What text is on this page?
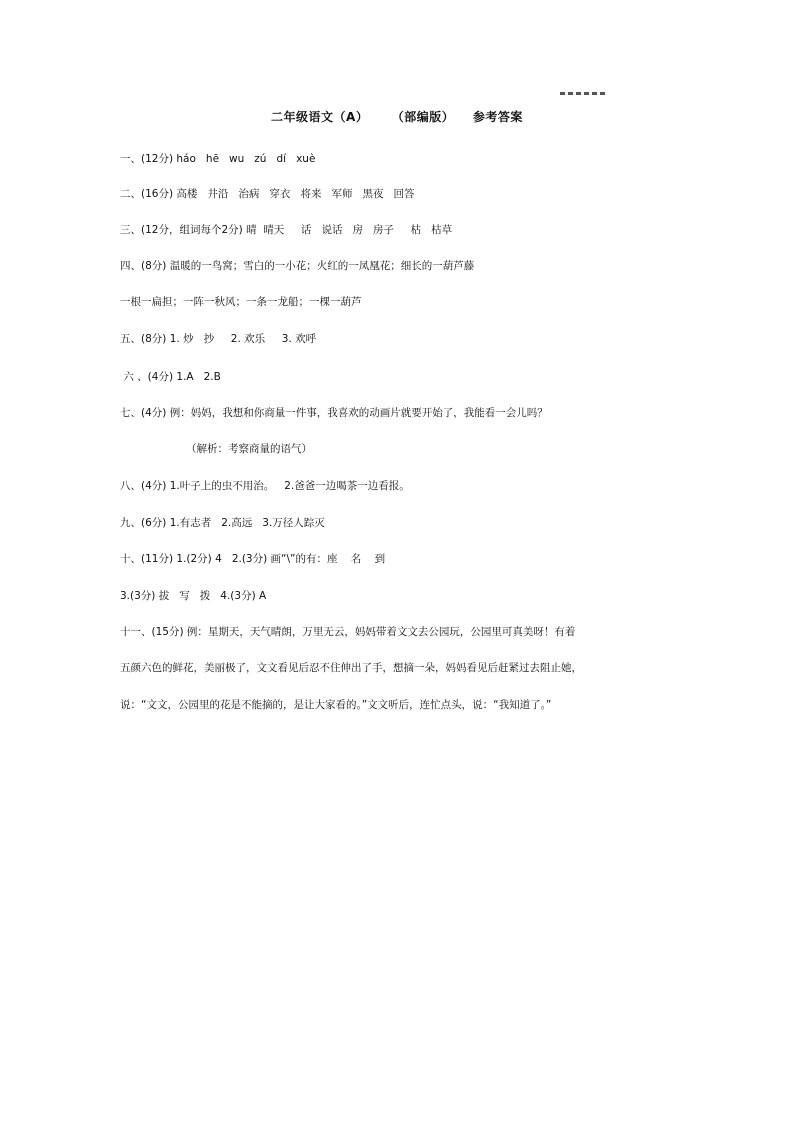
二年级语文（A）     （部编版）    参考答案
一、(12分) háo   hē   wu   zú   dí   xuè
二、(16分) 高楼   井沿   治病   穿衣   将来   军师   黑夜   回答
三、(12分，组词每个2分) 晴  晴天     话   说话   房   房子     枯   枯草
四、(8分) 温暖的一鸟窝；雪白的一小花；火红的一凤凰花；细长的一葫芦藤
一根一扁担；一阵一秋风；一条一龙船；一棵一葫芦
五、(8分) 1. 炒   抄     2. 欢乐     3. 欢呼
六 、(4分) 1.A   2.B
七、(4分) 例：妈妈，我想和你商量一件事，我喜欢的动画片就要开始了，我能看一会儿吗？
（解析：考察商量的语气）
八、(4分) 1.叶子上的虫不用治。   2.爸爸一边喝茶一边看报。
九、(6分) 1.有志者   2.高远   3.万径人踪灭
十、(11分) 1.(2分) 4   2.(3分) 画“\”的有：座    名    到
3.(3分) 拔   写   拨   4.(3分) A
十一、(15分) 例：星期天，天气晴朗，万里无云，妈妈带着文文去公园玩，公园里可真美呀！有着
五颜六色的鲜花，美丽极了，文文看见后忍不住伸出了手，想摘一朵，妈妈看见后赶紧过去阻止她，
说：“文文，公园里的花是不能摘的，是让大家看的。”文文听后，连忙点头，说：“我知道了。”
